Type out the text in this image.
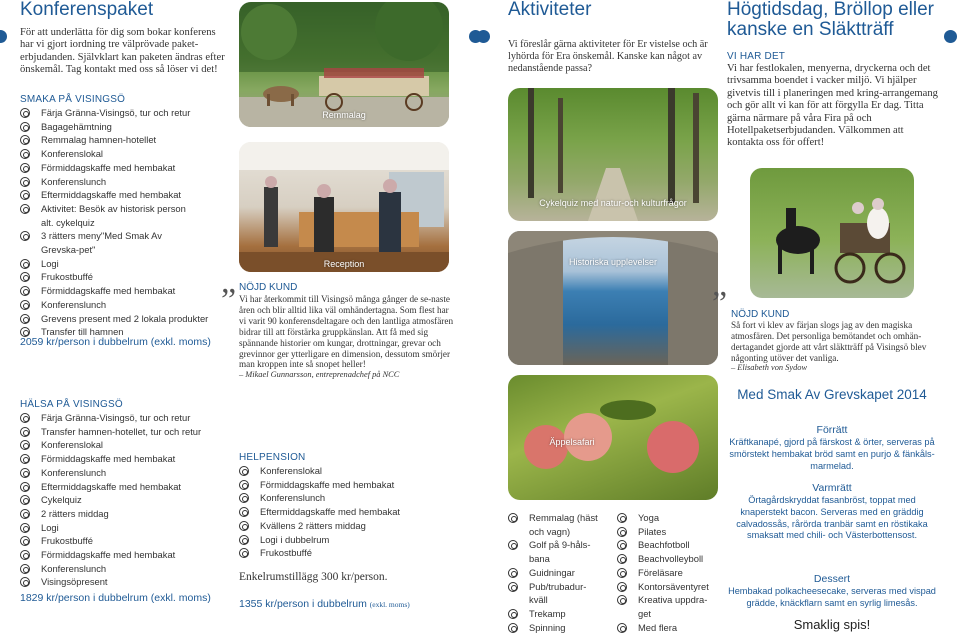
Konferenspaket
För att underlätta för dig som bokar konferens har vi gjort iordning tre välprövade paket-erbjudanden. Självklart kan paketen ändras efter önskemål. Tag kontakt med oss så löser vi det!
SMAKA PÅ VISINGSÖ
Färja Gränna-Visingsö, tur och retur
Bagagehämtning
Remmalag hamnen-hotellet
Konferenslokal
Förmiddagskaffe med hembakat
Konferenslunch
Eftermiddagskaffe med hembakat
Aktivitet: Besök av historisk person alt. cykelquiz
3 rätters meny"Med Smak Av Grevska-pet"
Logi
Frukostbuffé
Förmiddagskaffe med hembakat
Konferenslunch
Grevens present med 2 lokala produkter
Transfer till hamnen
2059 kr/person i dubbelrum (exkl. moms)
HÄLSA PÅ VISINGSÖ
Färja Gränna-Visingsö, tur och retur
Transfer hamnen-hotellet, tur och retur
Konferenslokal
Förmiddagskaffe med hembakat
Konferenslunch
Eftermiddagskaffe med hembakat
Cykelquiz
2 rätters middag
Logi
Frukostbuffé
Förmiddagskaffe med hembakat
Konferenslunch
Visingsöpresent
1829 kr/person i dubbelrum (exkl. moms)
Remmalag
Reception
” NÖJD KUND
Vi har återkommit till Visingsö många gånger de se-naste åren och blir alltid lika väl omhändertagna. Som flest har vi varit 90 konferensdeltagare och den lantliga atmosfären bidrar till att förstärka gruppkänslan. Att få med sig spännande historier om kungar, drottningar, grevar och grevinnor ger ytterligare en dimension, dessutom smörjer man kroppen inte så snopet heller!
– Mikael Gunnarsson, entreprenadchef på NCC
HELPENSION
Konferenslokal
Förmiddagskaffe med hembakat
Konferenslunch
Eftermiddagskaffe med hembakat
Kvällens 2 rätters middag
Logi i dubbelrum
Frukostbuffé
Enkelrumstillägg 300 kr/person.
1355 kr/person i dubbelrum (exkl. moms)
Aktiviteter
Vi föreslår gärna aktiviteter för Er vistelse och är lyhörda för Era önskemål. Kanske kan något av nedanstående passa?
Cykelquiz med natur-och kulturfrågor
Historiska upplevelser
Äppelsafari
Remmalag (häst och vagn)
Golf på 9-håls-bana
Guidningar
Pub/trubadur-kväll
Trekamp
Spinning
Yoga
Pilates
Beachfotboll
Beachvolleyboll
Föreläsare
Kontorsäventyret
Kreativa uppdra-get
Med flera
Högtidsdag, Bröllop eller kanske en Släktträff
VI HAR DET
Vi har festlokalen, menyerna, dryckerna och det trivsamma boendet i vacker miljö. Vi hjälper givetvis till i planeringen med kring-arrangemang och gör allt vi kan för att förgylla Er dag. Titta gärna närmare på våra Fira på och Hotellpaketserbjudanden. Välkommen att kontakta oss för offert!
” NÖJD KUND
Så fort vi klev av färjan slogs jag av den magiska atmosfären. Det personliga bemötandet och omhän-dertagandet gjorde att vårt släktträff på Visingsö blev någonting utöver det vanliga.
– Elisabeth von Sydow
Med Smak Av Grevskapet 2014
Förrätt
Kräftkanapé, gjord på färskost & örter, serveras på smörstekt hembakat bröd samt en purjo & fänkåls-marmelad.
Varmrätt
Örtagårdskryddat fasanbröst, toppat med knaperstekt bacon. Serveras med en gräddig calvadossås, rårörda tranbär samt en röstikaka smaksatt med chili- och Västerbottensost.
Dessert
Hembakad polkacheesecake, serveras med vispad grädde, knäckflarn samt en syrlig limesås.
Smaklig spis!
